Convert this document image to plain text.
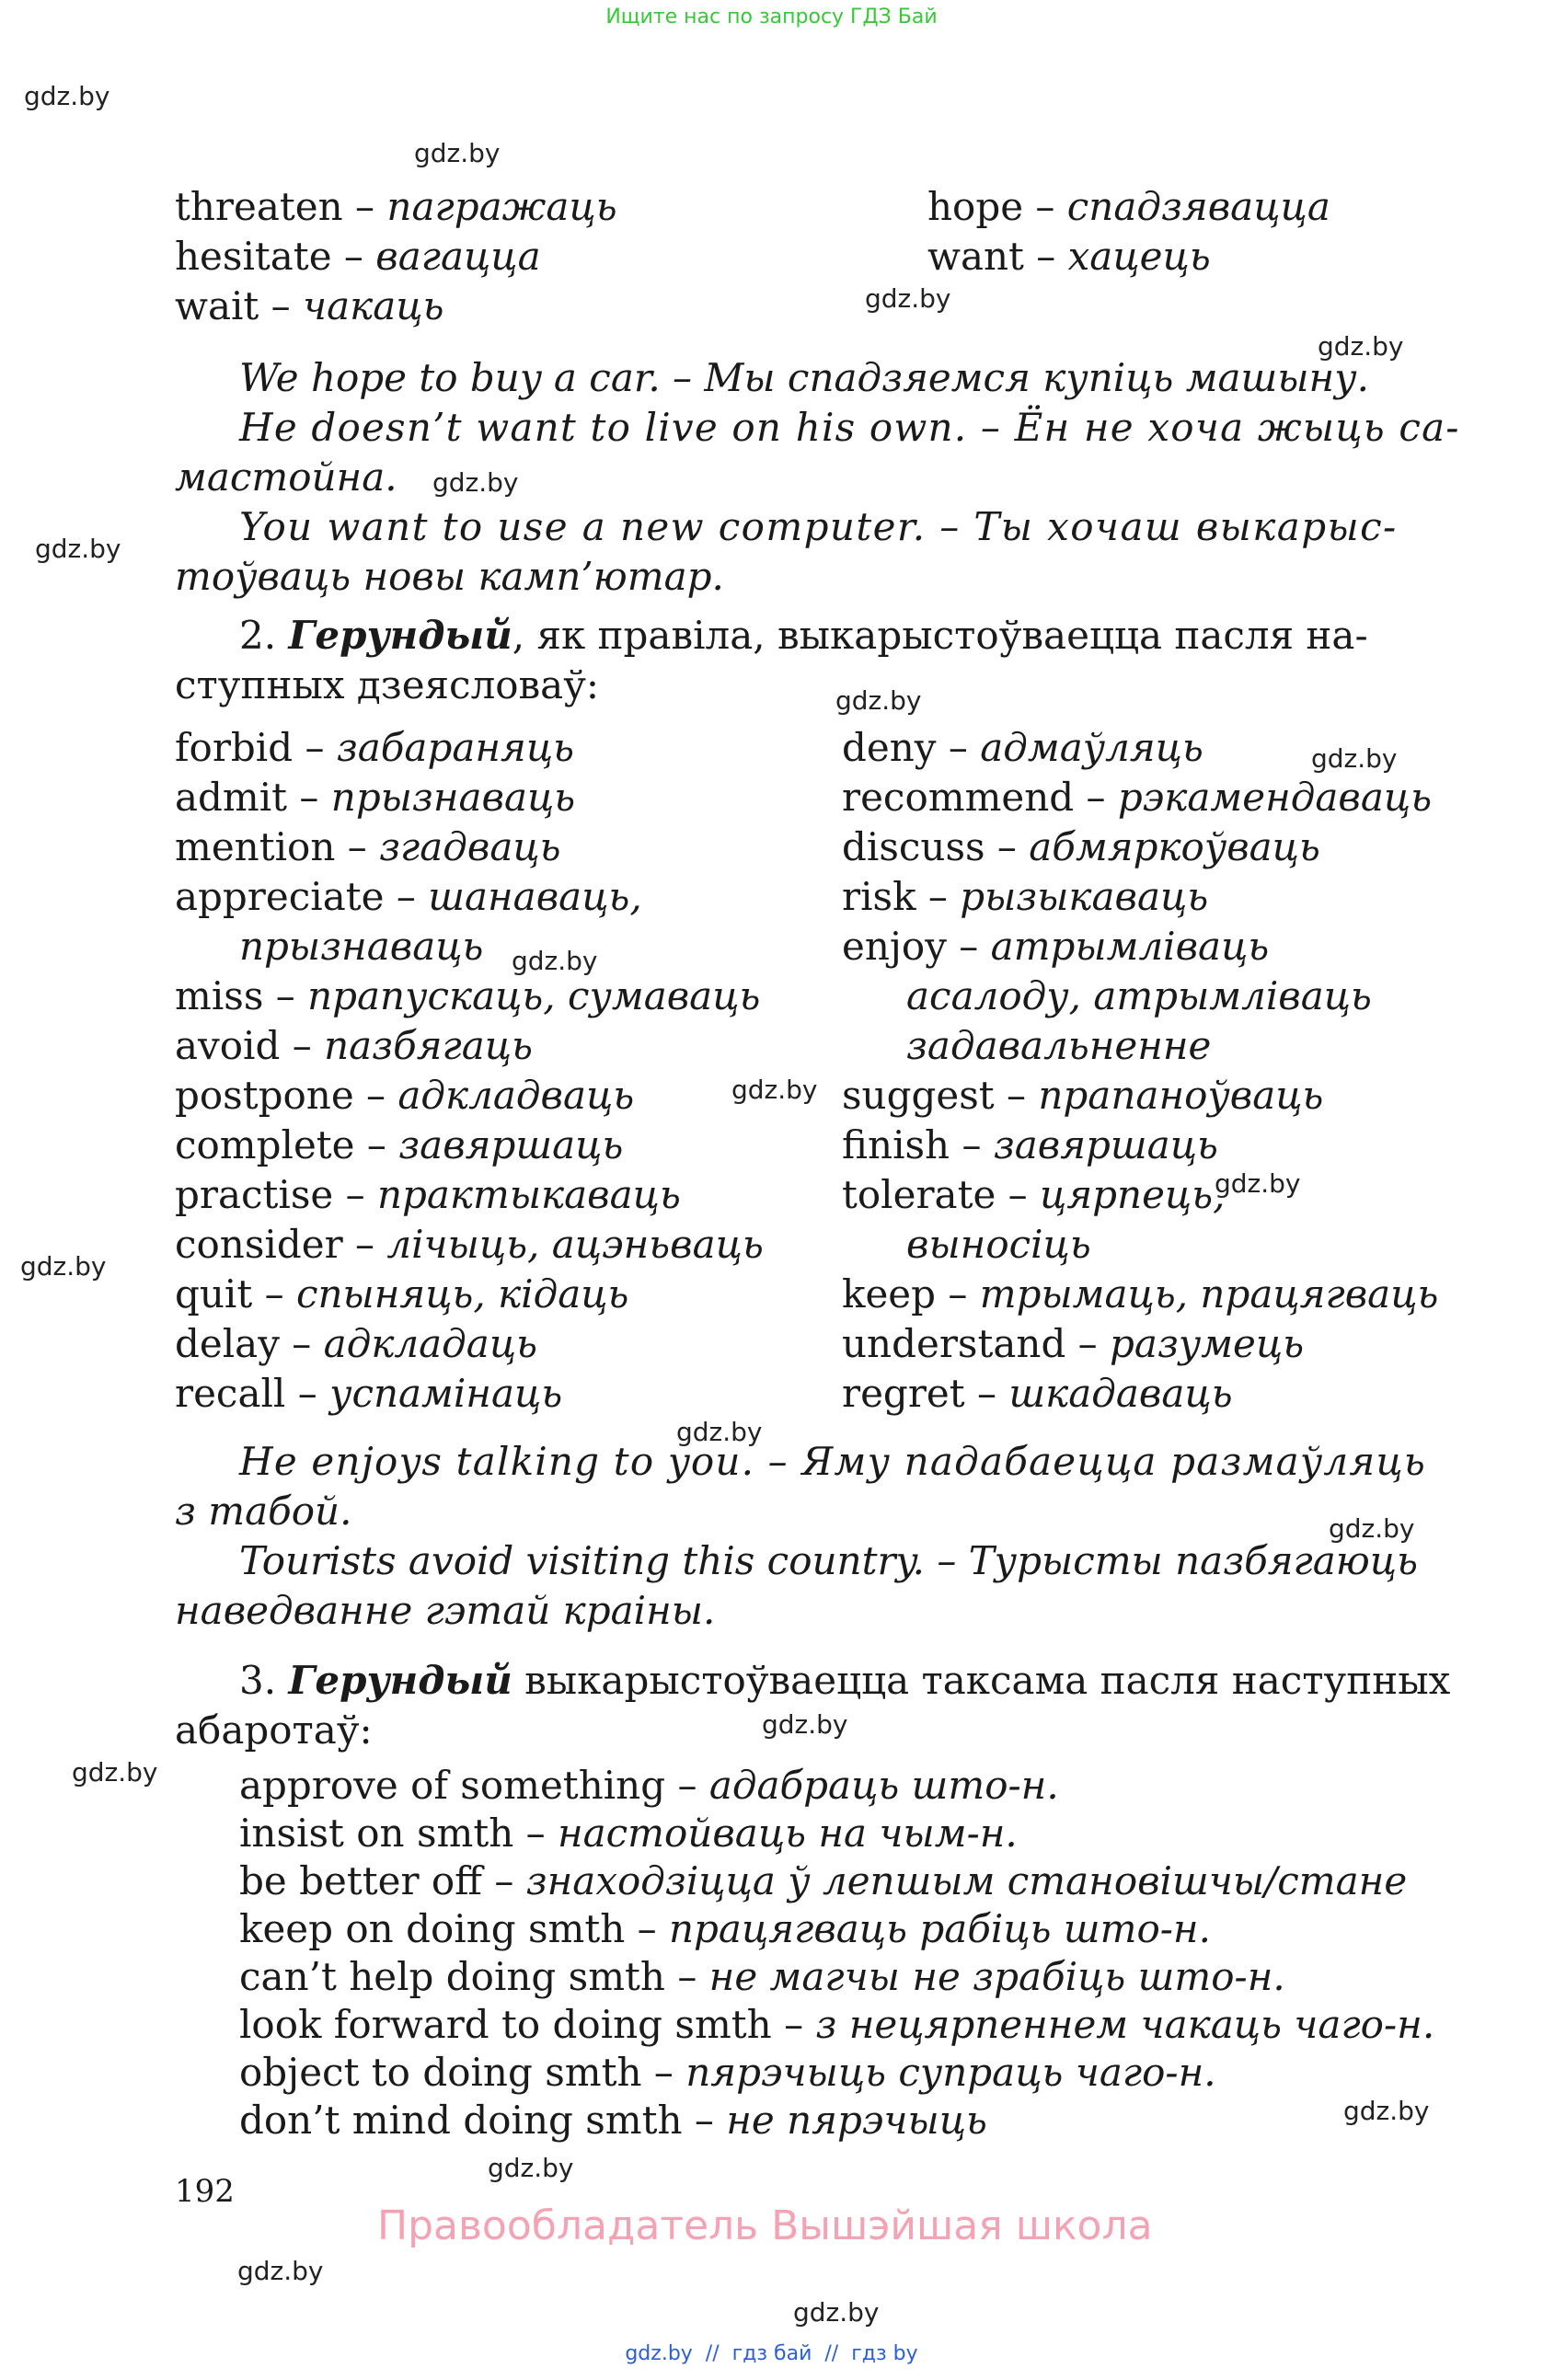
Ищите нас по запросу ГДЗ Бай
gdz.by
gdz.by
gdz.by
gdz.by
gdz.by
gdz.by
gdz.by
gdz.by
gdz.by
gdz.by
gdz.by
gdz.by
gdz.by
gdz.by
gdz.by
gdz.by
gdz.by
gdz.by
gdz.by
gdz.by
threaten – пагражаць
hesitate – вагацца
wait – чакаць
hope – спадзявацца
want – хацець
We hope to buy a car. – Мы спадзяемся купіць машыну.
He doesn’t want to live on his own. – Ён не хоча жыць са-
мастойна.
You want to use a new computer. – Ты хочаш выкарыс-
тоўваць новы камп’ютар.
2. Герундый, як правіла, выкарыстоўваецца пасля на-
ступных дзеясловаў:
forbid – забараняць
admit – прызнаваць
mention – згадваць
appreciate – шанаваць,
прызнаваць
miss – прапускаць, сумаваць
avoid – пазбягаць
postpone – адкладваць
complete – завяршаць
practise – практыкаваць
consider – лічыць, ацэньваць
quit – спыняць, кідаць
delay – адкладаць
recall – успамінаць
deny – адмаўляць
recommend – рэкамендаваць
discuss – абмяркоўваць
risk – рызыкаваць
enjoy – атрымліваць
асалоду, атрымліваць
задавальненне
suggest – прапаноўваць
finish – завяршаць
tolerate – цярпець,
выносіць
keep – трымаць, працягваць
understand – разумець
regret – шкадаваць
He enjoys talking to you. – Яму падабаецца размаўляць
з табой.
Tourists avoid visiting this country. – Турысты пазбягаюць
наведванне гэтай краіны.
3. Герундый выкарыстоўваецца таксама пасля наступных
абаротаў:
approve of something – адабраць што-н.
insist on smth – настойваць на чым-н.
be better off – знаходзіцца ў лепшым становішчы/стане
keep on doing smth – працягваць рабіць што-н.
can’t help doing smth – не магчы не зрабіць што-н.
look forward to doing smth – з нецярпеннем чакаць чаго-н.
object to doing smth – пярэчыць супраць чаго-н.
don’t mind doing smth – не пярэчыць
192
Правообладатель Вышэйшая школа
gdz.by  //  гдз бай  //  гдз by
